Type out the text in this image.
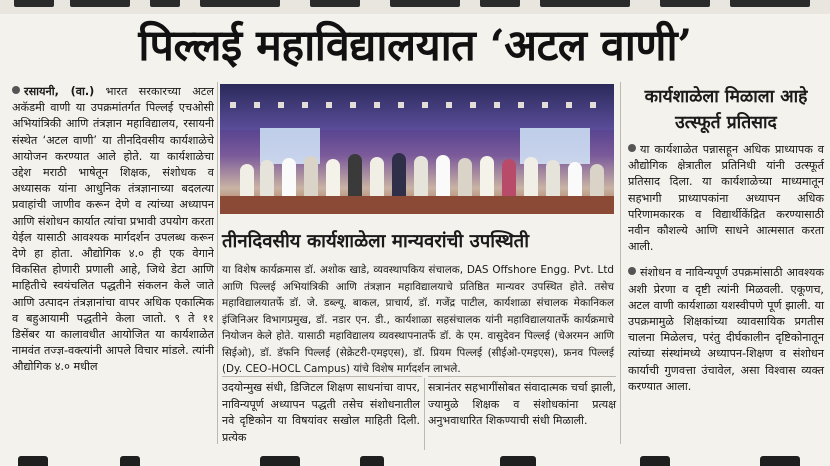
पिल्लई महाविद्यालयात ‘अटल वाणी’

रसायनी, (वा.) भारत सरकारच्या अटल अकॅडमी वाणी या उपक्रमांतर्गत पिल्लई एचओसी अभियांत्रिकी आणि तंत्रज्ञान महाविद्यालय, रसायनी संस्थेत ‘अटल वाणी’ या तीनदिवसीय कार्यशाळेचे आयोजन करण्यात आले होते. या कार्यशाळेचा उद्देश मराठी भाषेतून शिक्षक, संशोधक व अध्यासक यांना आधुनिक तंत्रज्ञानाच्या बदलत्या प्रवाहांची जाणीव करून देणे व त्यांच्या अध्यापन आणि संशोधन कार्यात त्यांचा प्रभावी उपयोग करता येईल यासाठी आवश्यक मार्गदर्शन उपलब्ध करून देणे हा होता. औद्योगिक ४.० ही एक वेगाने विकसित होणारी प्रणाली आहे, जिथे डेटा आणि माहितीचे स्वयंचलित पद्धतीने संकलन केले जाते आणि उत्पादन तंत्रज्ञानांचा वापर अधिक एकात्मिक व बहुआयामी पद्धतीने केला जातो. ९ ते ११ डिसेंबर या कालावधीत आयोजित या कार्यशाळेत नामवंत तज्ज्ञ-वक्त्यांनी आपले विचार मांडले. त्यांनी औद्योगिक ४.० मधील

तीनदिवसीय कार्यशाळेला मान्यवरांची उपस्थिती
या विशेष कार्यक्रमास डॉ. अशोक खाडे, व्यवस्थापकिय संचालक, DAS Offshore Engg. Pvt. Ltd आणि पिल्लई अभियांत्रिकी आणि तंत्रज्ञान महाविद्यालयाचे प्रतिष्ठित मान्यवर उपस्थित होते. तसेच महाविद्यालयातर्फे डॉ. जे. डब्ल्यू. बाकल, प्राचार्य, डॉ. गजेंद्र पाटील, कार्यशाळा संचालक मेकानिकल इंजिनिअर विभागप्रमुख, डॉ. नडार एन. डी., कार्यशाळा सहसंचालक यांनी महाविद्यालयातर्फे कार्यक्रमाचे नियोजन केले होते. यासाठी महाविद्यालय व्यवस्थापनातर्फे डॉ. के एम. वासुदेवन पिल्लई (चेअरमन आणि सिईओ), डॉ. डॅफनि पिल्लई (सेक्रेटरी-एमइएस), डॉ. प्रियम पिल्लई (सीईओ-एमइएस), फ्रनव पिल्लई (Dy. CEO-HOCL Campus) यांचे विशेष मार्गदर्शन लाभले.
उदयोन्मुख संधी, डिजिटल शिक्षण साधनांचा वापर, नाविन्यपूर्ण अध्यापन पद्धती तसेच संशोधनातील नवे दृष्टिकोन या विषयांवर सखोल माहिती दिली. प्रत्येक
सत्रानंतर सहभागींसोबत संवादात्मक चर्चा झाली, ज्यामुळे शिक्षक व संशोधकांना प्रत्यक्ष अनुभवाधारित शिकण्याची संधी मिळाली.
कार्यशाळेला मिळाला आहे उत्स्फूर्त प्रतिसाद

या कार्यशाळेत पन्नासहून अधिक प्राध्यापक व औद्योगिक क्षेत्रातील प्रतिनिधी यांनी उत्स्फूर्त प्रतिसाद दिला. या कार्यशाळेच्या माध्यमातून सहभागी प्राध्यापकांना अध्यापन अधिक परिणामकारक व विद्यार्थीकेंद्रित करण्यासाठी नवीन कौशल्ये आणि साधने आत्मसात करता आली.

संशोधन व नाविन्यपूर्ण उपक्रमांसाठी आवश्यक अशी प्रेरणा व दृष्टी त्यांनी मिळवली. एकूणच, अटल वाणी कार्यशाळा यशस्वीपणे पूर्ण झाली. या उपक्रमामुळे शिक्षकांच्या व्यावसायिक प्रगतीस चालना मिळेलच, परंतु दीर्घकालीन दृष्टिकोनातून त्यांच्या संस्थांमध्ये अध्यापन-शिक्षण व संशोधन कार्याची गुणवत्ता उंचावेल, असा विश्वास व्यक्त करण्यात आला.
